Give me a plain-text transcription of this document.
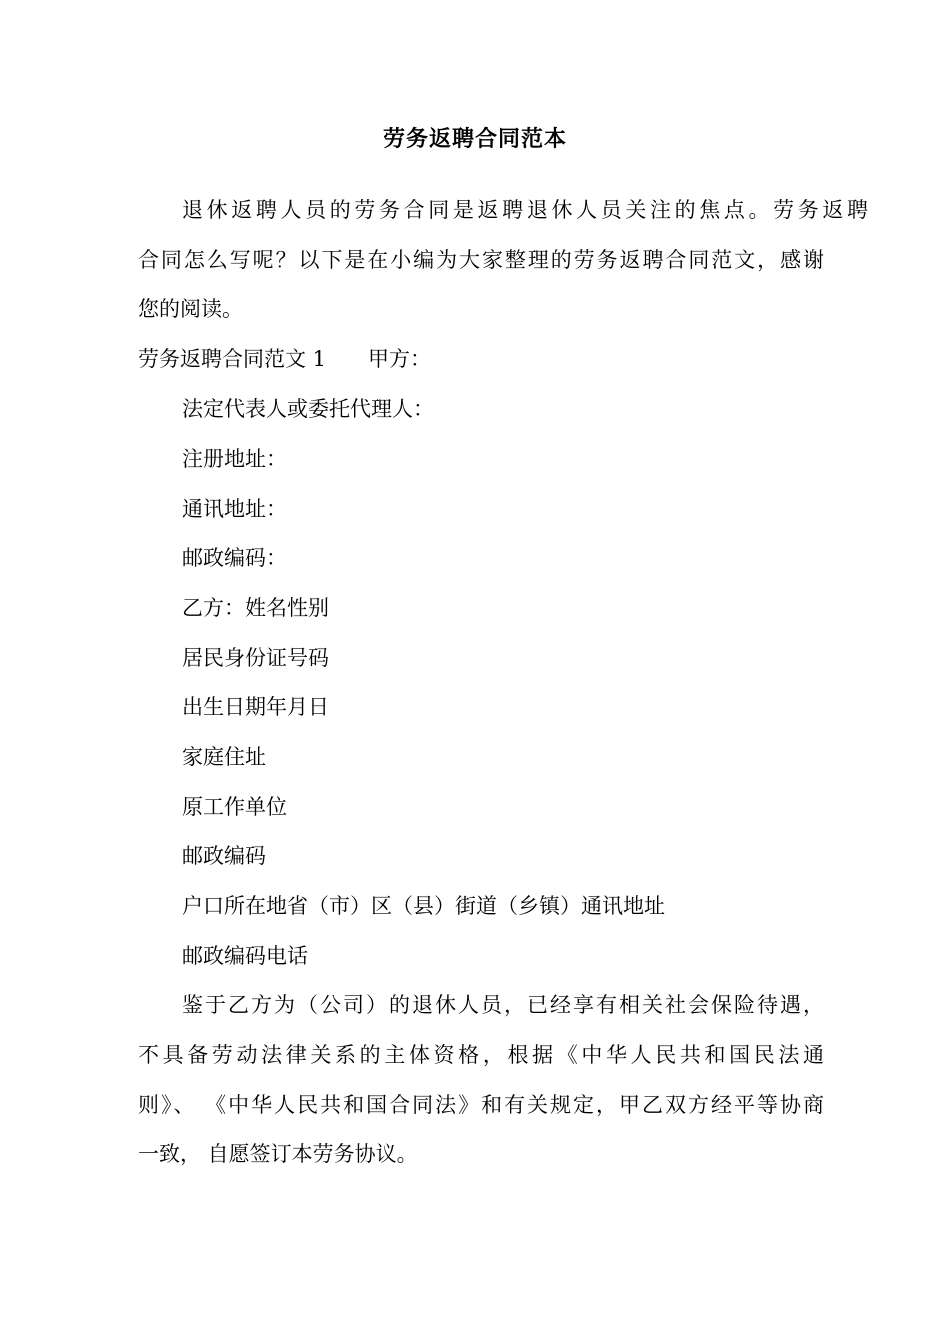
劳务返聘合同范本
退休返聘人员的劳务合同是返聘退休人员关注的焦点。劳务返聘
合同怎么写呢？以下是在小编为大家整理的劳务返聘合同范文，感谢
您的阅读。
劳务返聘合同范文 1 甲方：
法定代表人或委托代理人：
注册地址：
通讯地址：
邮政编码：
乙方：姓名性别
居民身份证号码
出生日期年月日
家庭住址
原工作单位
邮政编码
户口所在地省（市）区（县）街道（乡镇）通讯地址
邮政编码电话
鉴于乙方为（公司）的退休人员，已经享有相关社会保险待遇，
不具备劳动法律关系的主体资格，根据《中华人民共和国民法通
则》、 《中华人民共和国合同法》和有关规定，甲乙双方经平等协商
一致， 自愿签订本劳务协议。
